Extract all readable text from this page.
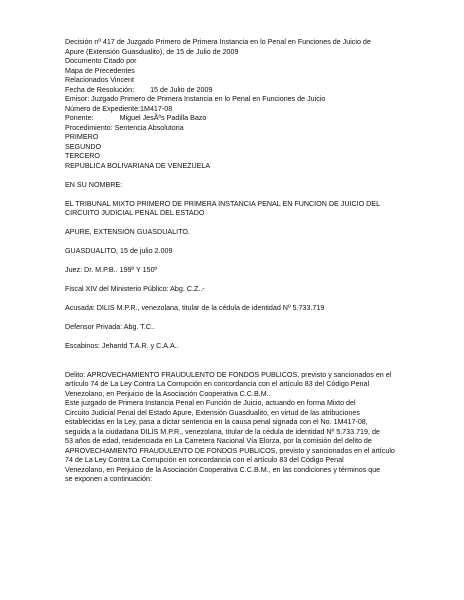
Decisión nº 417 de Juzgado Primero de Primera Instancia en lo Penal en Funciones de Juicio de
Apure (Extensión Guasdualito), de 15 de Julio de 2009
Documento Citado por
Mapa de Precedentes
Relacionados Vincent
Fecha de Resolución: 15 de Julio de 2009
Emisor: Juzgado Primero de Primera Instancia en lo Penal en Funciones de Juicio
Número de Expediente:1M417-08
Ponente:	Miguel JesÃºs Padilla Bazo
Procedimiento: Sentencia Absolutoria
PRIMERO
SEGUNDO
TERCERO
REPUBLICA BOLIVARIANA DE VENEZUELA
EN SU NOMBRE:
EL TRIBUNAL MIXTO PRIMERO DE PRIMERA INSTANCIA PENAL EN FUNCION DE JUICIO DEL
CIRCUITO JUDICIAL PENAL DEL ESTADO
APURE, EXTENSIÓN GUASDUALITO.
GUASDUALITO, 15 de julio 2.009
Juez: Dr. M.P.B.. 199º Y 150º
Fiscal XIV del Ministerio Público: Abg. C.Z..-
Acusada: DILIS M.P.R., venezolana, titular de la cédula de identidad Nº 5.733.719
Defensor Privada: Abg. T.C..
Escabinos: Jehantd T.A.R. y C.A.A..
Delito: APROVECHAMIENTO FRAUDULENTO DE FONDOS PUBLICOS, previsto y sancionados en el
artículo 74 de La Ley Contra La Corrupción en concordancia con el artículo 83 del Código Penal
Venezolano, en Perjuicio de la Asociación Cooperativa C.C.B.M..
Este juzgado de Primera Instancia Penal en Función de Juicio, actuando en forma Mixto del
Circuito Judicial Penal del Estado Apure, Extensión Guasdualito, en virtud de las atribuciones
establecidas en la Ley, pasa a dictar sentencia en la causa penal signada con el No. 1M417-08,
seguida a la ciudadana DILIS M.P.R., venezolana, titular de la cédula de identidad Nº 5.733.719, de
53 años de edad, residenciada en La Carretera Nacional Vía Elorza, por la comisión del delito de
APROVECHAMIENTO FRAUDULENTO DE FONDOS PUBLICOS, previsto y sancionados en el artículo
74 de La Ley Contra La Corrupción en concordancia con el artículo 83 del Código Penal
Venezolano, en Perjuicio de la Asociación Cooperativa C.C.B.M., en las condiciones y términos que
se exponen a continuación:
